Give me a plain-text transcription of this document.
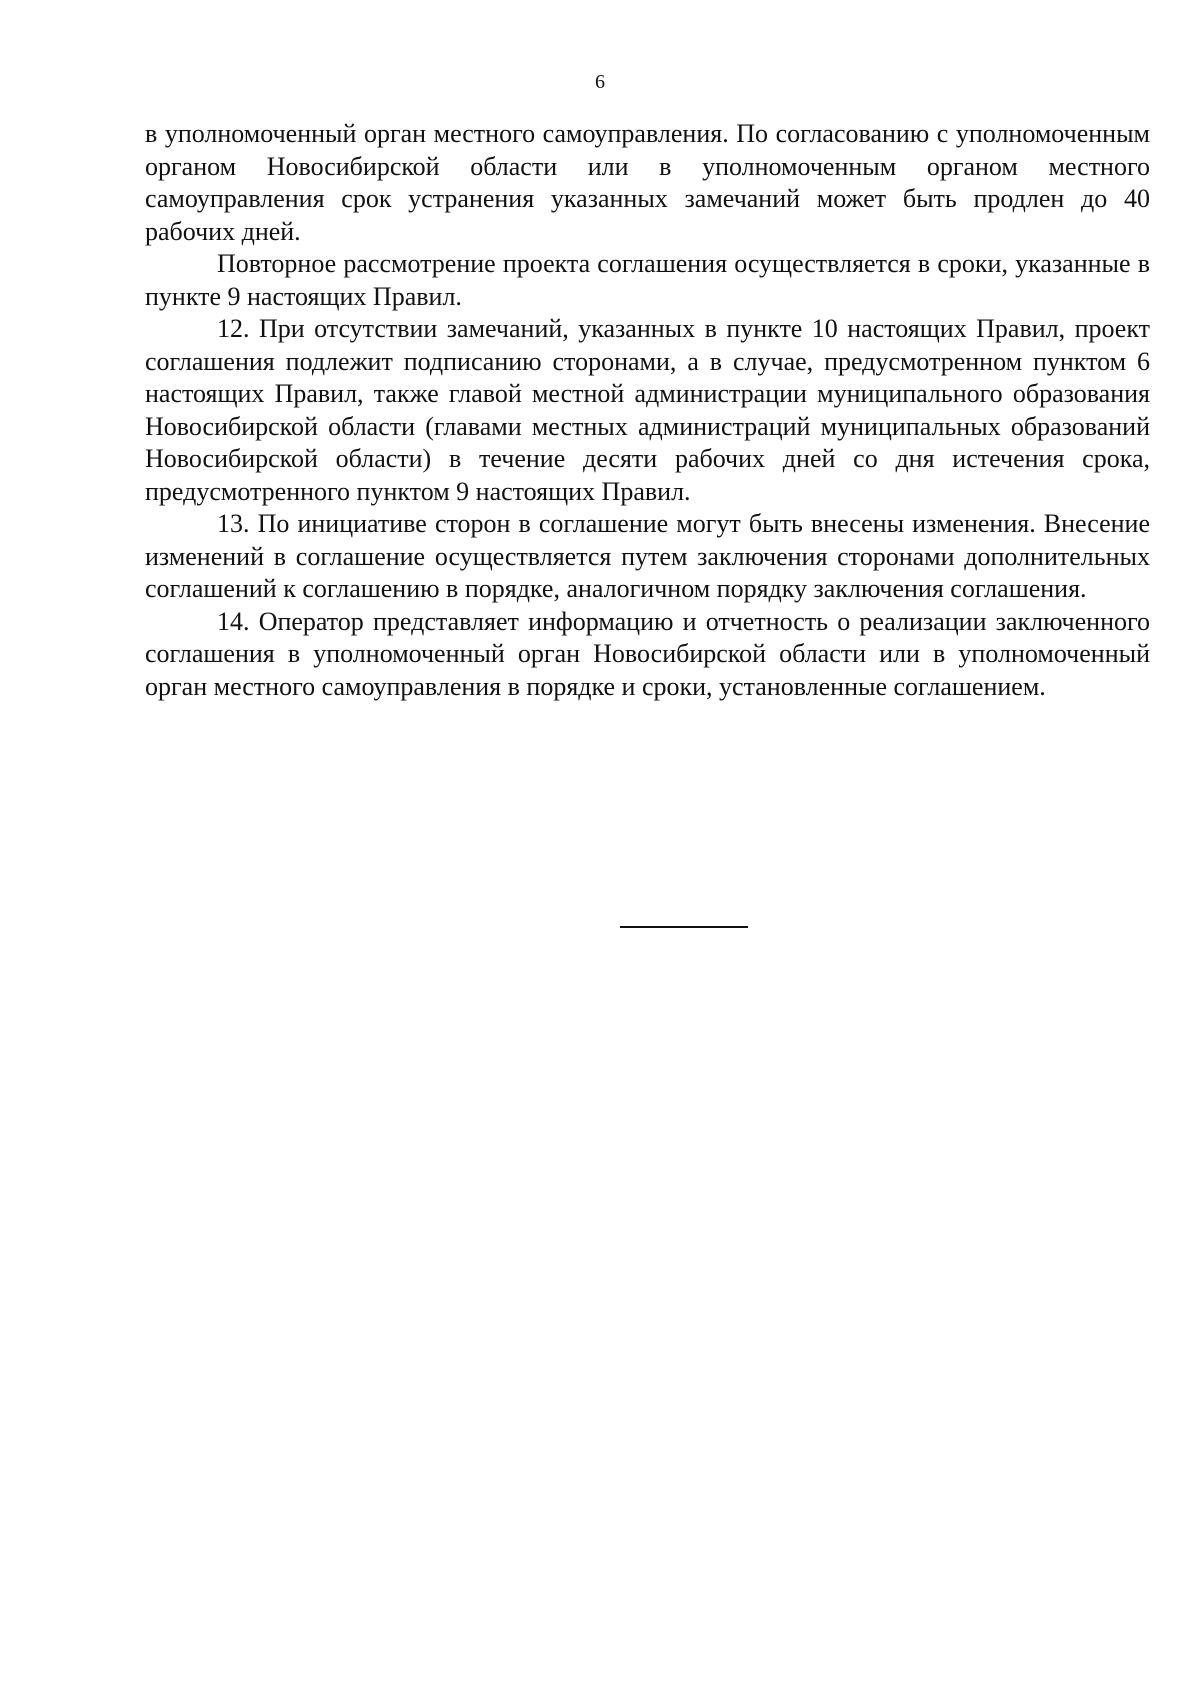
6

в уполномоченный орган местного самоуправления. По согласованию с уполномоченным органом Новосибирской области или в уполномоченным органом местного самоуправления срок устранения указанных замечаний может быть продлен до 40 рабочих дней.

Повторное рассмотрение проекта соглашения осуществляется в сроки, указанные в пункте 9 настоящих Правил.

12. При отсутствии замечаний, указанных в пункте 10 настоящих Правил, проект соглашения подлежит подписанию сторонами, а в случае, предусмотренном пунктом 6 настоящих Правил, также главой местной администрации муниципального образования Новосибирской области (главами местных администраций муниципальных образований Новосибирской области) в течение десяти рабочих дней со дня истечения срока, предусмотренного пунктом 9 настоящих Правил.

13. По инициативе сторон в соглашение могут быть внесены изменения. Внесение изменений в соглашение осуществляется путем заключения сторонами дополнительных соглашений к соглашению в порядке, аналогичном порядку заключения соглашения.

14. Оператор представляет информацию и отчетность о реализации заключенного соглашения в уполномоченный орган Новосибирской области или в уполномоченный орган местного самоуправления в порядке и сроки, установленные соглашением.
